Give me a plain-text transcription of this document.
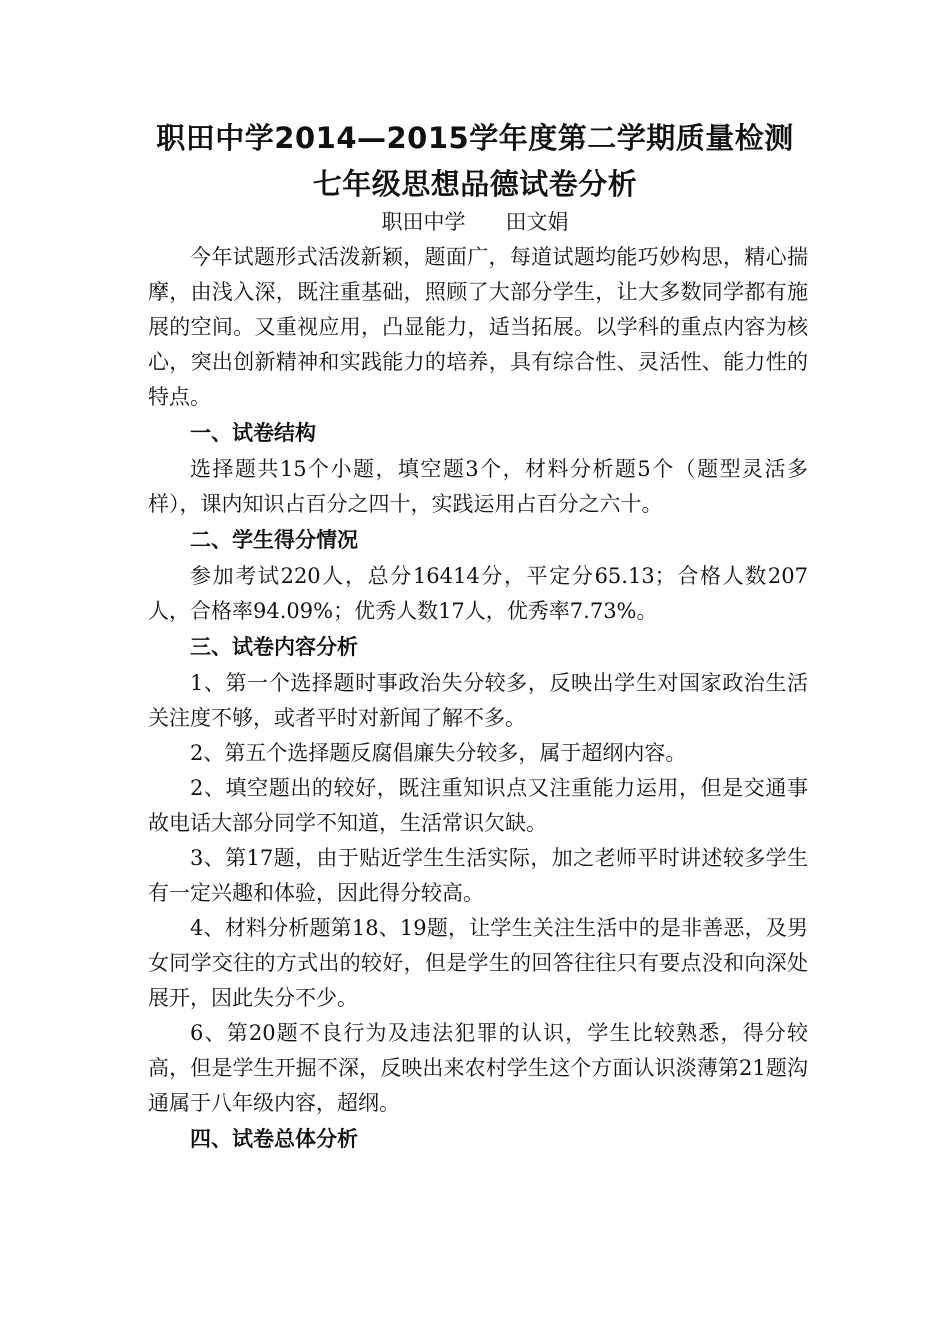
职田中学2014—2015学年度第二学期质量检测
七年级思想品德试卷分析
职田中学 田文娟

今年试题形式活泼新颖，题面广，每道试题均能巧妙构思，精心揣摩，由浅入深，既注重基础，照顾了大部分学生，让大多数同学都有施展的空间。又重视应用，凸显能力，适当拓展。以学科的重点内容为核心，突出创新精神和实践能力的培养，具有综合性、灵活性、能力性的特点。

一、试卷结构

选择题共15个小题，填空题3个，材料分析题5个（题型灵活多样），课内知识占百分之四十，实践运用占百分之六十。

二、学生得分情况

参加考试220人，总分16414分，平定分65.13；合格人数207人，合格率94.09%；优秀人数17人，优秀率7.73%。

三、试卷内容分析

1、第一个选择题时事政治失分较多，反映出学生对国家政治生活关注度不够，或者平时对新闻了解不多。

2、第五个选择题反腐倡廉失分较多，属于超纲内容。

2、填空题出的较好，既注重知识点又注重能力运用，但是交通事故电话大部分同学不知道，生活常识欠缺。

3、第17题，由于贴近学生生活实际，加之老师平时讲述较多学生有一定兴趣和体验，因此得分较高。

4、材料分析题第18、19题，让学生关注生活中的是非善恶，及男女同学交往的方式出的较好，但是学生的回答往往只有要点没和向深处展开，因此失分不少。

6、第20题不良行为及违法犯罪的认识，学生比较熟悉，得分较高，但是学生开掘不深，反映出来农村学生这个方面认识淡薄第21题沟通属于八年级内容，超纲。

四、试卷总体分析
